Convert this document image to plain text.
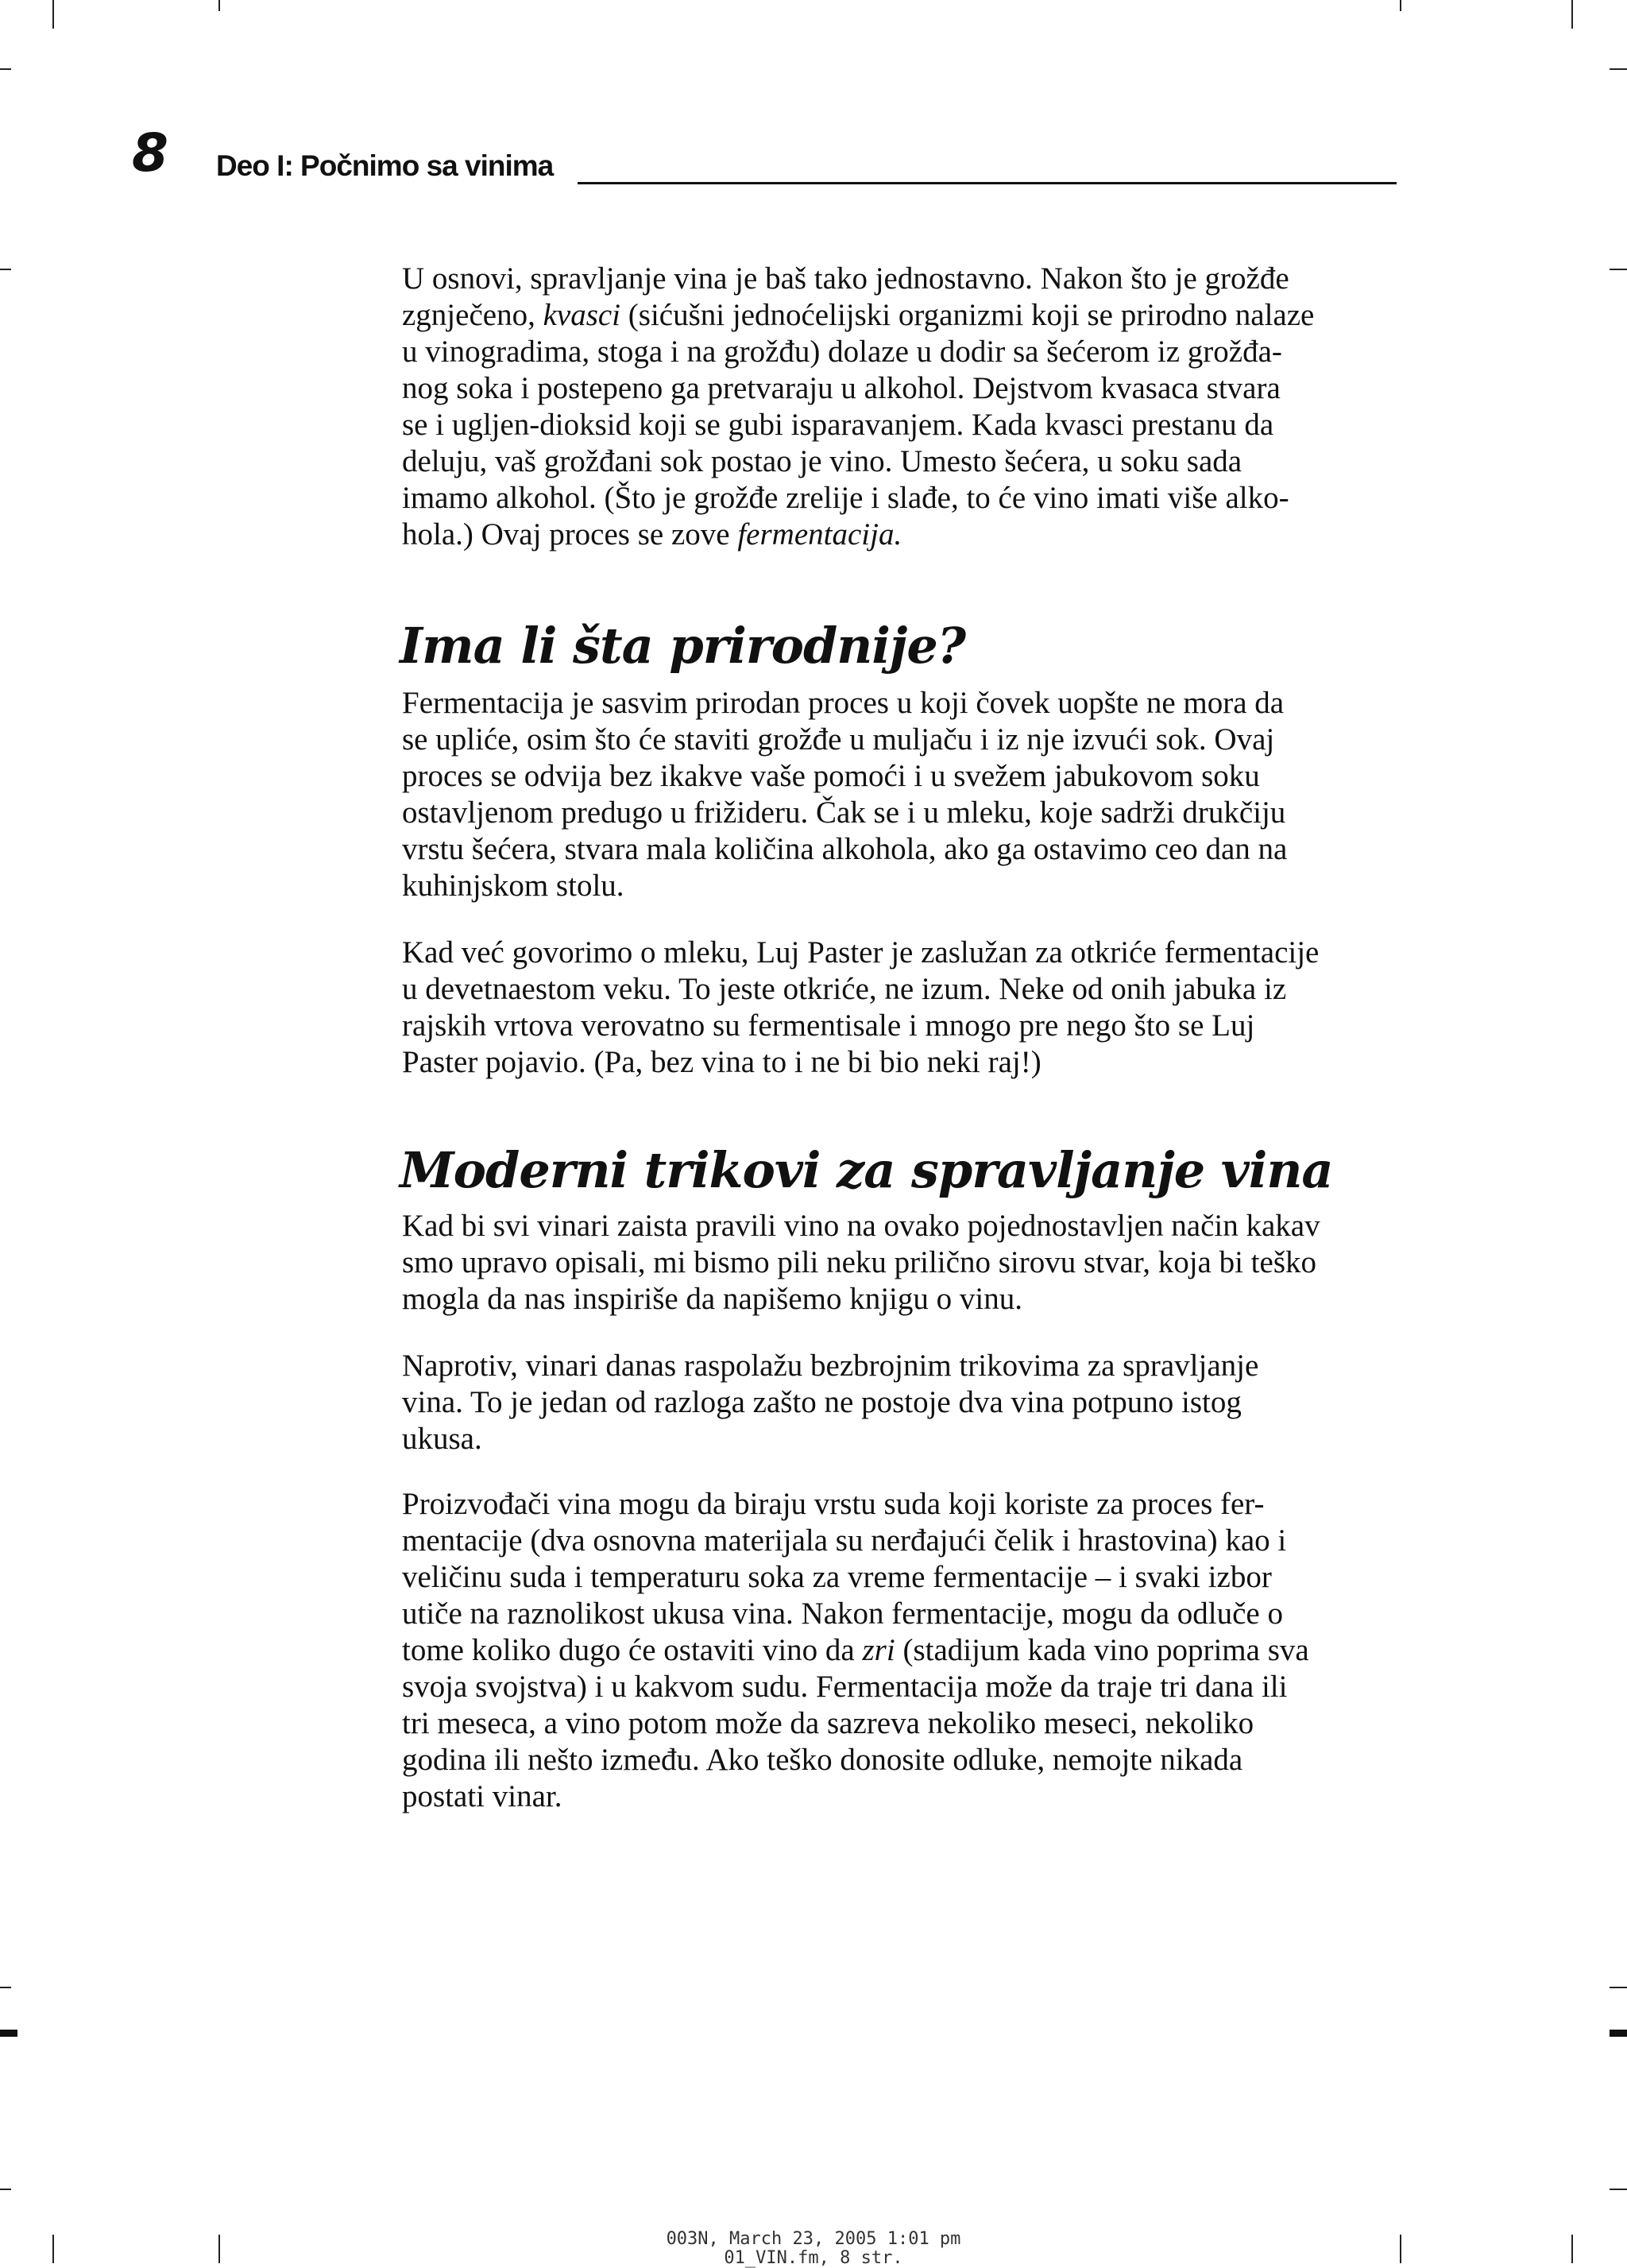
8 Deo I: Počnimo sa vinima

U osnovi, spravljanje vina je baš tako jednostavno. Nakon što je grožđe
zgnječeno, kvasci (sićušni jednoćelijski organizmi koji se prirodno nalaze
u vinogradima, stoga i na grožđu) dolaze u dodir sa šećerom iz grožđa-
nog soka i postepeno ga pretvaraju u alkohol. Dejstvom kvasaca stvara
se i ugljen-dioksid koji se gubi isparavanjem. Kada kvasci prestanu da
deluju, vaš grožđani sok postao je vino. Umesto šećera, u soku sada
imamo alkohol. (Što je grožđe zrelije i slađe, to će vino imati više alko-
hola.) Ovaj proces se zove fermentacija.

Ima li šta prirodnije?

Fermentacija je sasvim prirodan proces u koji čovek uopšte ne mora da
se upliće, osim što će staviti grožđe u muljaču i iz nje izvući sok. Ovaj
proces se odvija bez ikakve vaše pomoći i u svežem jabukovom soku
ostavljenom predugo u frižideru. Čak se i u mleku, koje sadrži drukčiju
vrstu šećera, stvara mala količina alkohola, ako ga ostavimo ceo dan na
kuhinjskom stolu.

Kad već govorimo o mleku, Luj Paster je zaslužan za otkriće fermentacije
u devetnaestom veku. To jeste otkriće, ne izum. Neke od onih jabuka iz
rajskih vrtova verovatno su fermentisale i mnogo pre nego što se Luj
Paster pojavio. (Pa, bez vina to i ne bi bio neki raj!)

Moderni trikovi za spravljanje vina

Kad bi svi vinari zaista pravili vino na ovako pojednostavljen način kakav
smo upravo opisali, mi bismo pili neku prilično sirovu stvar, koja bi teško
mogla da nas inspiriše da napišemo knjigu o vinu.

Naprotiv, vinari danas raspolažu bezbrojnim trikovima za spravljanje
vina. To je jedan od razloga zašto ne postoje dva vina potpuno istog
ukusa.

Proizvođači vina mogu da biraju vrstu suda koji koriste za proces fer-
mentacije (dva osnovna materijala su nerđajući čelik i hrastovina) kao i
veličinu suda i temperaturu soka za vreme fermentacije – i svaki izbor
utiče na raznolikost ukusa vina. Nakon fermentacije, mogu da odluče o
tome koliko dugo će ostaviti vino da zri (stadijum kada vino poprima sva
svoja svojstva) i u kakvom sudu. Fermentacija može da traje tri dana ili
tri meseca, a vino potom može da sazreva nekoliko meseci, nekoliko
godina ili nešto između. Ako teško donosite odluke, nemojte nikada
postati vinar.

003N, March 23, 2005 1:01 pm
01_VIN.fm, 8 str.
